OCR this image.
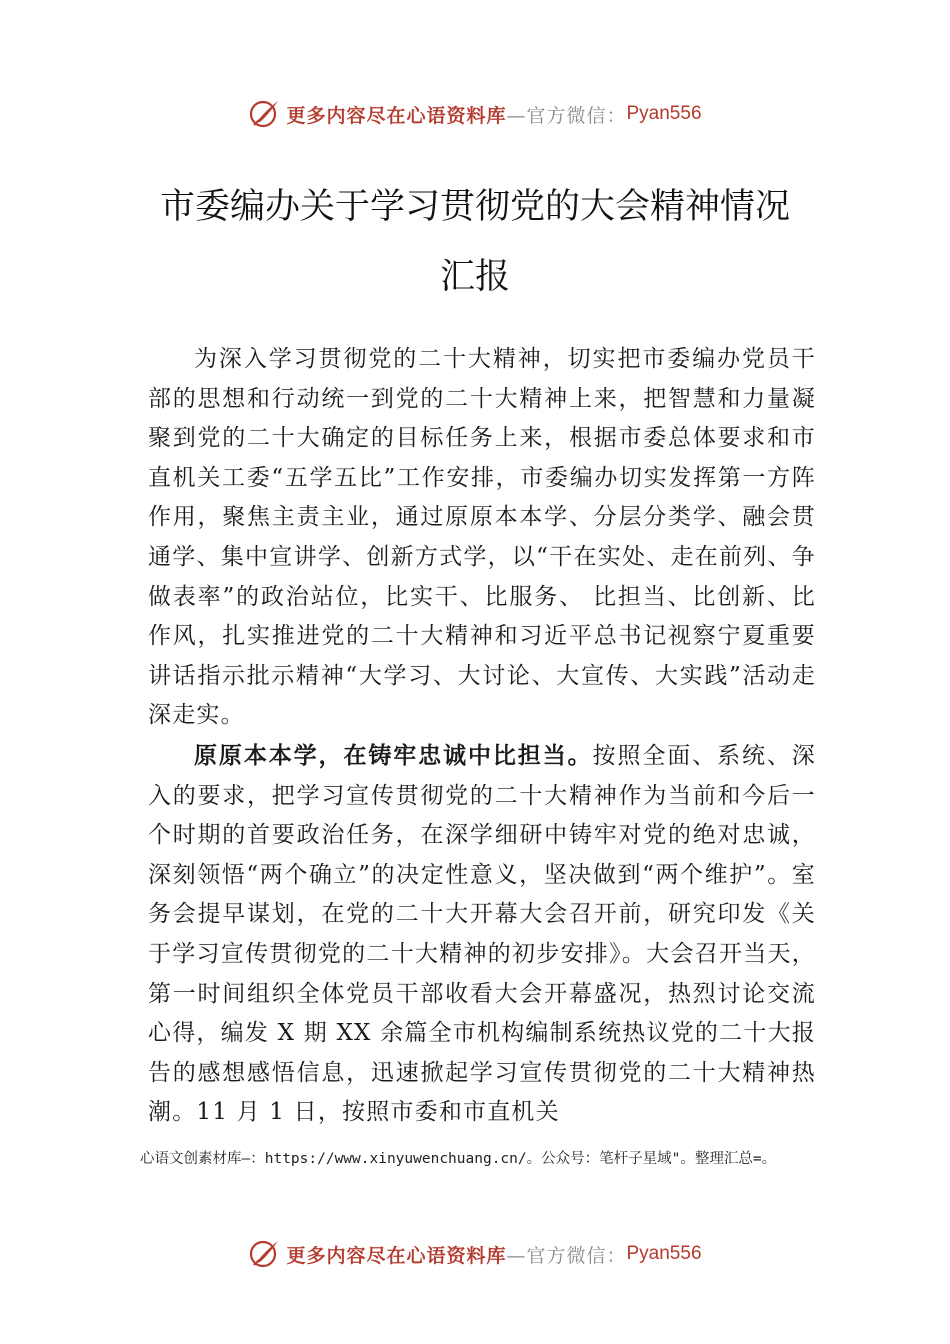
更多内容尽在心语资料库 —官方微信： Pyan556
市委编办关于学习贯彻党的大会精神情况
汇报

为深入学习贯彻党的二十大精神，切实把市委编办党员干部的思想和行动统一到党的二十大精神上来，把智慧和力量凝聚到党的二十大确定的目标任务上来，根据市委总体要求和市直机关工委“五学五比”工作安排，市委编办切实发挥第一方阵作用，聚焦主责主业，通过原原本本学、分层分类学、融会贯通学、集中宣讲学、创新方式学，以“干在实处、走在前列、争做表率”的政治站位，比实干、比服务、 比担当、比创新、比作风，扎实推进党的二十大精神和习近平总书记视察宁夏重要讲话指示批示精神“大学习、大讨论、大宣传、大实践”活动走深走实。

原原本本学，在铸牢忠诚中比担当。按照全面、系统、深入的要求，把学习宣传贯彻党的二十大精神作为当前和今后一个时期的首要政治任务，在深学细研中铸牢对党的绝对忠诚，深刻领悟“两个确立”的决定性意义，坚决做到“两个维护”。室务会提早谋划，在党的二十大开幕大会召开前，研究印发《关于学习宣传贯彻党的二十大精神的初步安排》。大会召开当天，第一时间组织全体党员干部收看大会开幕盛况，热烈讨论交流心得，编发 X 期 XX 余篇全市机构编制系统热议党的二十大报告的感想感悟信息，迅速掀起学习宣传贯彻党的二十大精神热潮。11 月 1 日，按照市委和市直机关

心语文创素材库—：https://www.xinyuwenchuang.cn/。公众号：笔杆子星域"。整理汇总=。
更多内容尽在心语资料库 —官方微信： Pyan556
